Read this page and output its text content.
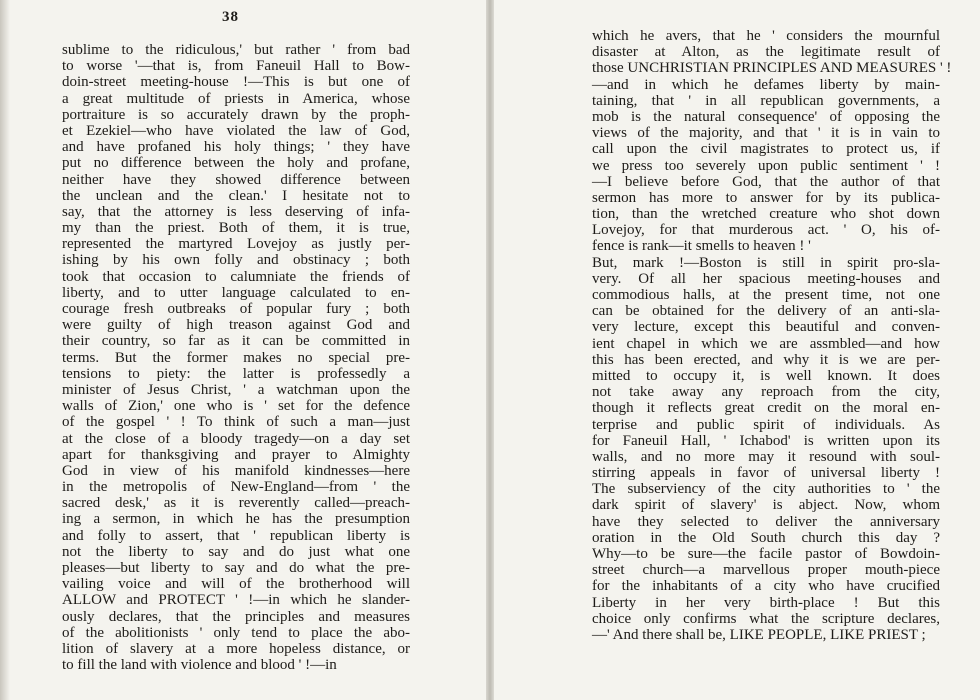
38
sublime to the ridiculous,' but rather ' from bad
to worse '—that is, from Faneuil Hall to Bow-
doin-street meeting-house !—This is but one of
a great multitude of priests in America, whose
portraiture is so accurately drawn by the proph-
et Ezekiel—who have violated the law of God,
and have profaned his holy things; ' they have
put no difference between the holy and profane,
neither have they showed difference between
the unclean and the clean.' I hesitate not to
say, that the attorney is less deserving of infa-
my than the priest. Both of them, it is true,
represented the martyred Lovejoy as justly per-
ishing by his own folly and obstinacy ; both
took that occasion to calumniate the friends of
liberty, and to utter language calculated to en-
courage fresh outbreaks of popular fury ; both
were guilty of high treason against God and
their country, so far as it can be committed in
terms. But the former makes no special pre-
tensions to piety: the latter is professedly a
minister of Jesus Christ, ' a watchman upon the
walls of Zion,' one who is ' set for the defence
of the gospel ' ! To think of such a man—just
at the close of a bloody tragedy—on a day set
apart for thanksgiving and prayer to Almighty
God in view of his manifold kindnesses—here
in the metropolis of New-England—from ' the
sacred desk,' as it is reverently called—preach-
ing a sermon, in which he has the presumption
and folly to assert, that ' republican liberty is
not the liberty to say and do just what one
pleases—but liberty to say and do what the pre-
vailing voice and will of the brotherhood will
ALLOW and PROTECT ' !—in which he slander-
ously declares, that the principles and measures
of the abolitionists ' only tend to place the abo-
lition of slavery at a more hopeless distance, or
to fill the land with violence and blood ' !—in
which he avers, that he ' considers the mournful
disaster at Alton, as the legitimate result of
those UNCHRISTIAN PRINCIPLES AND MEASURES ' !
—and in which he defames liberty by main-
taining, that ' in all republican governments, a
mob is the natural consequence' of opposing the
views of the majority, and that ' it is in vain to
call upon the civil magistrates to protect us, if
we press too severely upon public sentiment ' !
—I believe before God, that the author of that
sermon has more to answer for by its publica-
tion, than the wretched creature who shot down
Lovejoy, for that murderous act. ' O, his of-
fence is rank—it smells to heaven ! '
But, mark !—Boston is still in spirit pro-sla-
very. Of all her spacious meeting-houses and
commodious halls, at the present time, not one
can be obtained for the delivery of an anti-sla-
very lecture, except this beautiful and conven-
ient chapel in which we are assmbled—and how
this has been erected, and why it is we are per-
mitted to occupy it, is well known. It does
not take away any reproach from the city,
though it reflects great credit on the moral en-
terprise and public spirit of individuals. As
for Faneuil Hall, ' Ichabod' is written upon its
walls, and no more may it resound with soul-
stirring appeals in favor of universal liberty !
The subserviency of the city authorities to ' the
dark spirit of slavery' is abject. Now, whom
have they selected to deliver the anniversary
oration in the Old South church this day ?
Why—to be sure—the facile pastor of Bowdoin-
street church—a marvellous proper mouth-piece
for the inhabitants of a city who have crucified
Liberty in her very birth-place ! But this
choice only confirms what the scripture declares,
—' And there shall be, LIKE PEOPLE, LIKE PRIEST ;
